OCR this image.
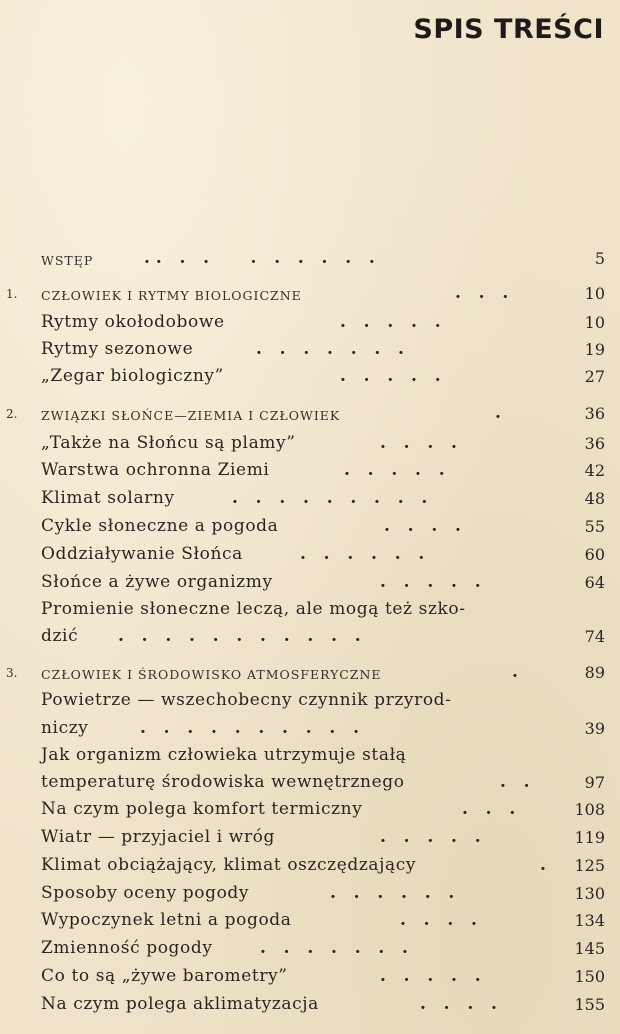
SPIS TREŚCI
WSTĘP	. .   .   .       .   .   .   .   .   .	5
1. CZŁOWIEK I RYTMY BIOLOGICZNE	.   .   .	10
Rytmy okołodobowe	.   .   .   .   .	10
Rytmy sezonowe	.   .   .   .   .   .   .	19
„Zegar biologiczny”	.   .   .   .   .	27
2. ZWIĄZKI SŁOŃCE—ZIEMIA I CZŁOWIEK	.	36
„Także na Słońcu są plamy”	.   .   .   .	36
Warstwa ochronna Ziemi	.   .   .   .   .	42
Klimat solarny	.   .   .   .   .   .   .   .   .	48
Cykle słoneczne a pogoda	.   .   .   .	55
Oddziaływanie Słońca	.   .   .   .   .   .	60
Słońce a żywe organizmy	.   .   .   .   .	64
Promienie słoneczne leczą, ale mogą też szko-
dzić .   .   .   .   .   .   .   .   .   .   .	74
3. CZŁOWIEK I ŚRODOWISKO ATMOSFERYCZNE	.	89
Powietrze — wszechobecny czynnik przyrod-
niczy	.   .   .   .   .   .   .   .   .   .	39
Jak organizm człowieka utrzymuje stałą
temperaturę środowiska wewnętrznego	.   .	97
Na czym polega komfort termiczny	.   .   .	108
Wiatr — przyjaciel i wróg	.   .   .   .   .	119
Klimat obciążający, klimat oszczędzający	. 125
Sposoby oceny pogody	.   .   .   .   .   .	130
Wypoczynek letni a pogoda	.   .   .   .	134
Zmienność pogody	.   .   .   .   .   .   .	145
Co to są „żywe barometry”	.   .   .   .   .	150
Na czym polega aklimatyzacja	.   .   .   .	155
